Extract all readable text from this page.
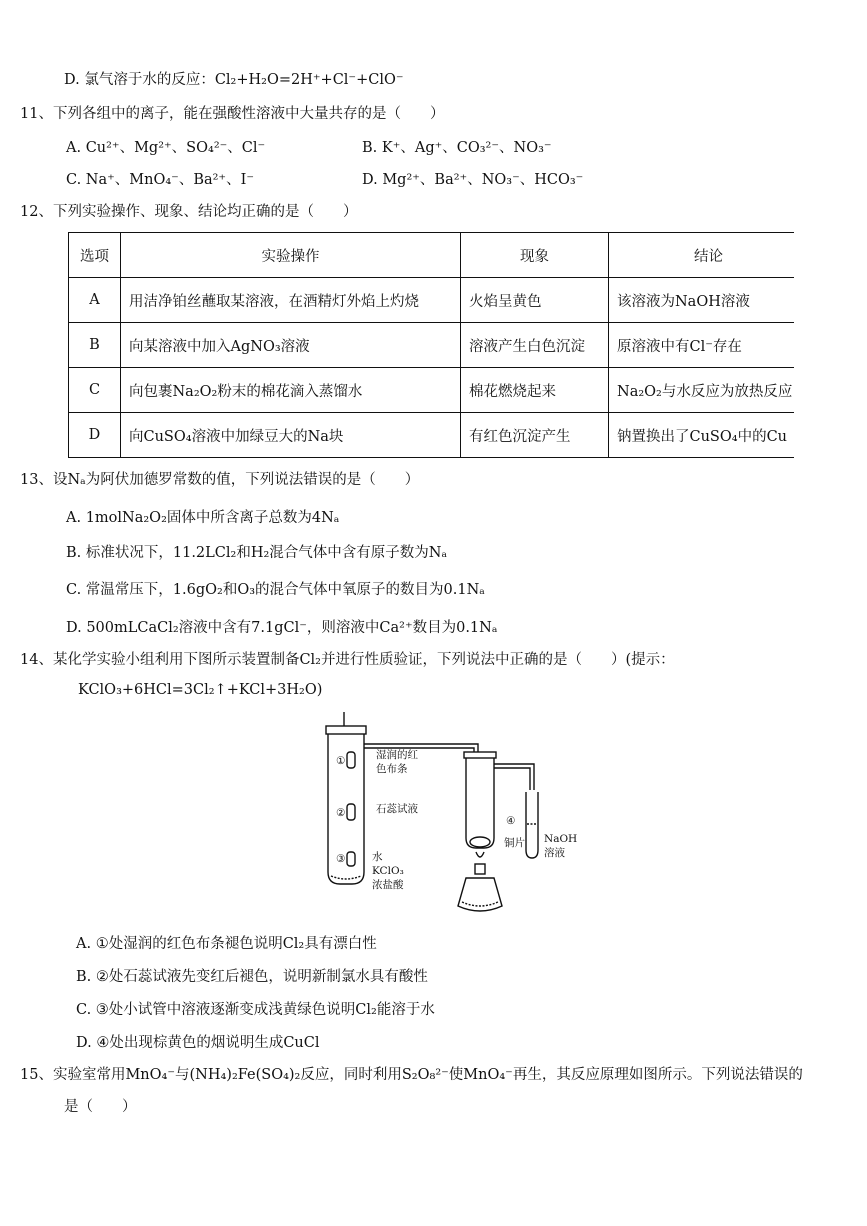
D. 氯气溶于水的反应：Cl₂+H₂O=2H⁺+Cl⁻+ClO⁻
11、下列各组中的离子，能在强酸性溶液中大量共存的是（　　）
A. Cu²⁺、Mg²⁺、SO₄²⁻、Cl⁻	B. K⁺、Ag⁺、CO₃²⁻、NO₃⁻
C. Na⁺、MnO₄⁻、Ba²⁺、I⁻	D. Mg²⁺、Ba²⁺、NO₃⁻、HCO₃⁻
12、下列实验操作、现象、结论均正确的是（　　）
选项	实验操作	现象	结论
A	用洁净铂丝蘸取某溶液，在酒精灯外焰上灼烧	火焰呈黄色	该溶液为NaOH溶液
B	向某溶液中加入AgNO₃溶液	溶液产生白色沉淀	原溶液中有Cl⁻存在
C	向包裹Na₂O₂粉末的棉花滴入蒸馏水	棉花燃烧起来	Na₂O₂与水反应为放热反应
D	向CuSO₄溶液中加绿豆大的Na块	有红色沉淀产生	钠置换出了CuSO₄中的Cu
13、设Nₐ为阿伏加德罗常数的值，下列说法错误的是（　　）
A. 1molNa₂O₂固体中所含离子总数为4Nₐ
B. 标准状况下，11.2LCl₂和H₂混合气体中含有原子数为Nₐ
C. 常温常压下，1.6gO₂和O₃的混合气体中氧原子的数目为0.1Nₐ
D. 500mLCaCl₂溶液中含有7.1gCl⁻，则溶液中Ca²⁺数目为0.1Nₐ
14、某化学实验小组利用下图所示装置制备Cl₂并进行性质验证，下列说法中正确的是（　　）(提示：
KClO₃+6HCl=3Cl₂↑+KCl+3H₂O)
①
②
③
④
湿润的红
色布条
石蕊试液
水
KClO₃
浓盐酸
铜片 NaOH
溶液
A. ①处湿润的红色布条褪色说明Cl₂具有漂白性
B. ②处石蕊试液先变红后褪色，说明新制氯水具有酸性
C. ③处小试管中溶液逐渐变成浅黄绿色说明Cl₂能溶于水
D. ④处出现棕黄色的烟说明生成CuCl
15、实验室常用MnO₄⁻与(NH₄)₂Fe(SO₄)₂反应，同时利用S₂O₈²⁻使MnO₄⁻再生，其反应原理如图所示。下列说法错误的
是（　　）
